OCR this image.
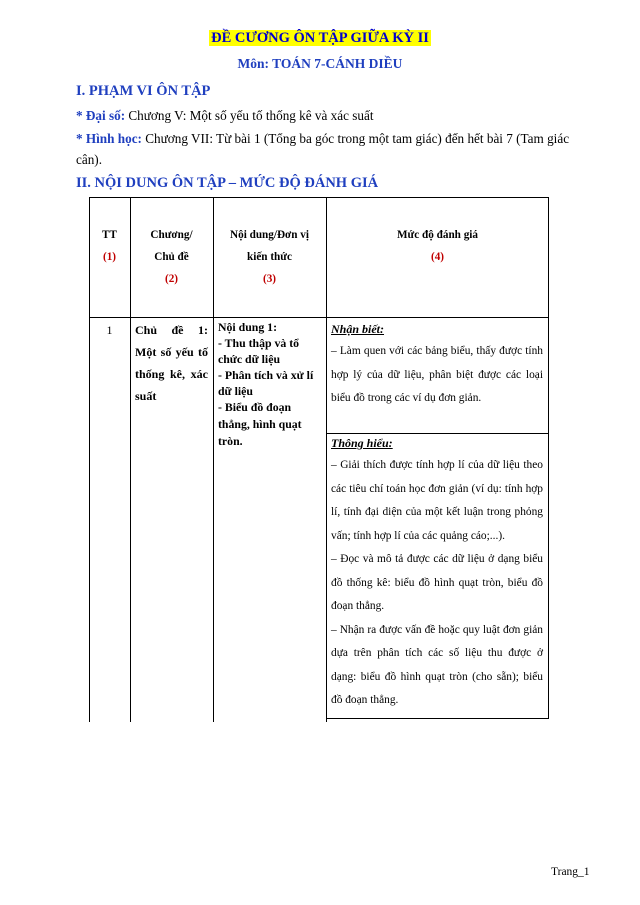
ĐỀ CƯƠNG ÔN TẬP GIỮA KỲ II
Môn: TOÁN 7-CÁNH DIỀU
I. PHẠM VI ÔN TẬP
* Đại số: Chương V: Một số yếu tố thống kê và xác suất
* Hình học: Chương VII: Từ bài 1 (Tổng ba góc trong một tam giác) đến hết bài 7 (Tam giác cân).
II. NỘI DUNG ÔN TẬP – MỨC ĐỘ ĐÁNH GIÁ
TT
(1)
Chương/
Chủ đề
(2)
Nội dung/Đơn vị
kiến thức
(3)
Mức độ đánh giá
(4)
1	Chủ đề 1: Một số yếu tố thống kê, xác suất
Nội dung 1:
- Thu thập và tổ chức dữ liệu
- Phân tích và xử lí dữ liệu
- Biểu đồ đoạn thẳng, hình quạt tròn.
Nhận biết:
– Làm quen với các bảng biểu, thấy được tính hợp lý của dữ liệu, phân biệt được các loại biểu đồ trong các ví dụ đơn giản.
Thông hiểu:
– Giải thích được tính hợp lí của dữ liệu theo các tiêu chí toán học đơn giản (ví dụ: tính hợp lí, tính đại diện của một kết luận trong phỏng vấn; tính hợp lí của các quảng cáo;...).
– Đọc và mô tả được các dữ liệu ở dạng biểu đồ thống kê: biểu đồ hình quạt tròn, biểu đồ đoạn thẳng.
– Nhận ra được vấn đề hoặc quy luật đơn giản dựa trên phân tích các số liệu thu được ở dạng: biểu đồ hình quạt tròn (cho sẵn); biểu đồ đoạn thẳng.
Trang_1
